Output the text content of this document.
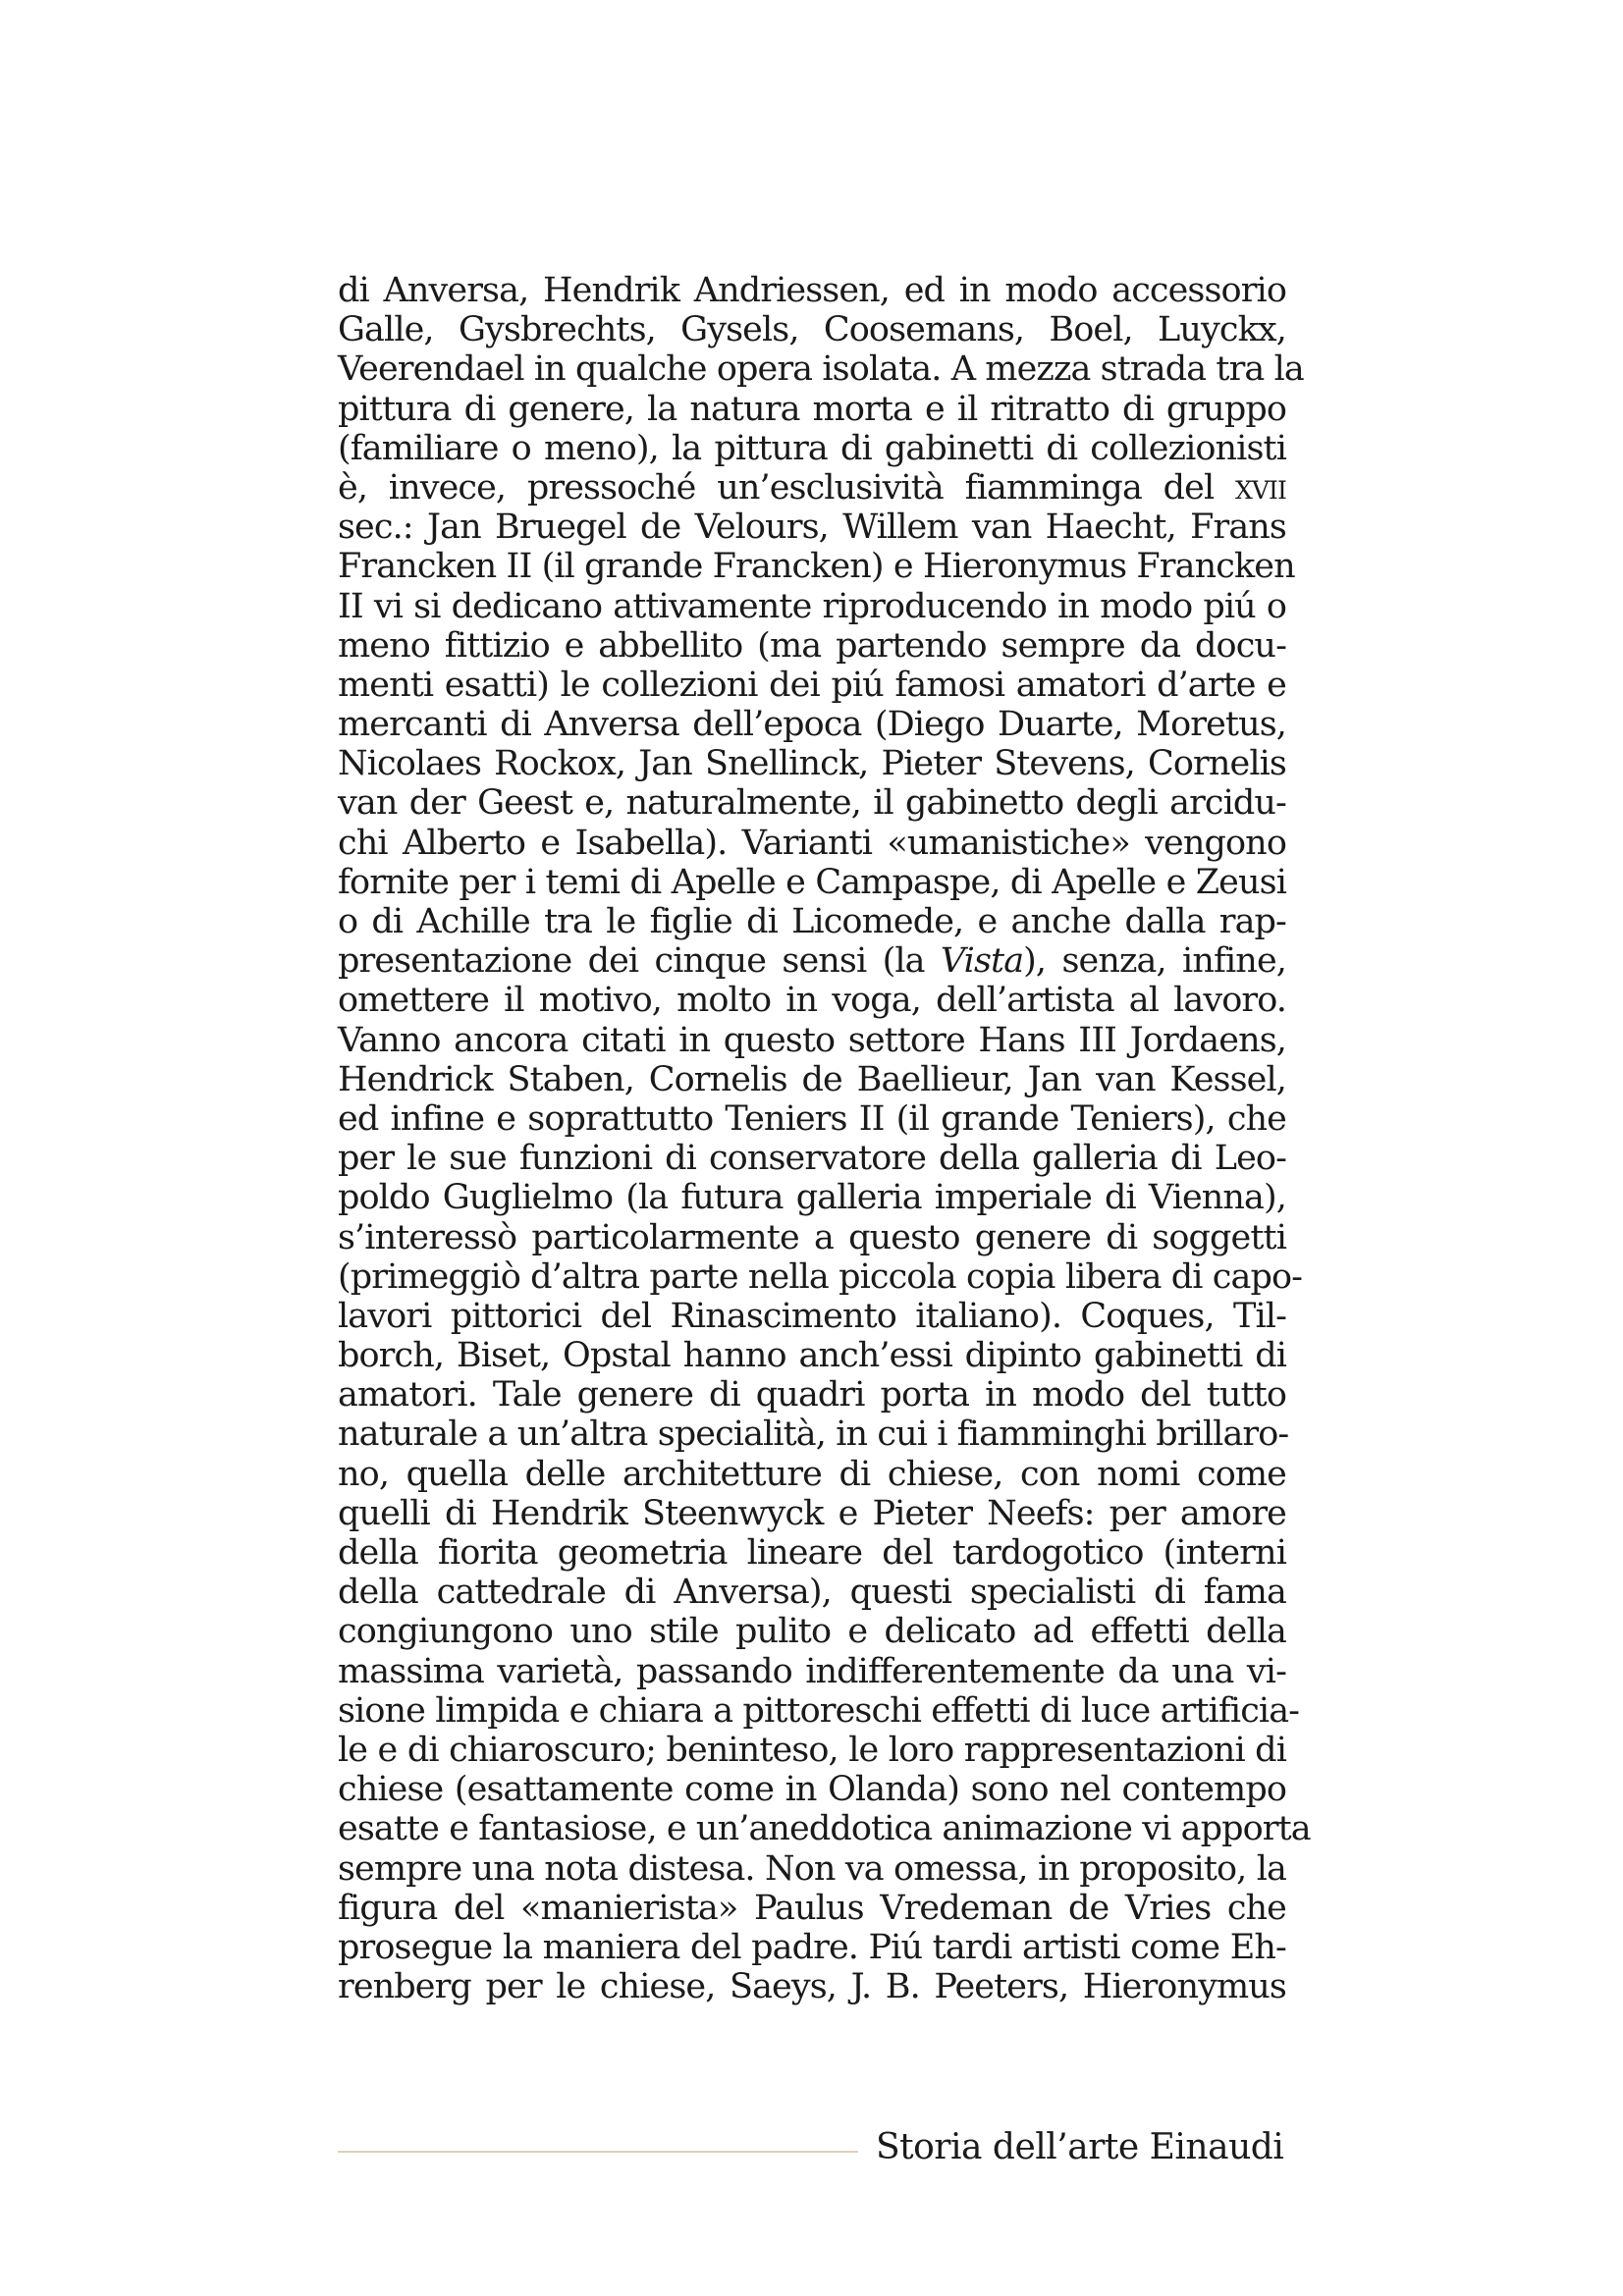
di Anversa, Hendrik Andriessen, ed in modo accessorio
Galle, Gysbrechts, Gysels, Coosemans, Boel, Luyckx,
Veerendael in qualche opera isolata. A mezza strada tra la
pittura di genere, la natura morta e il ritratto di gruppo
(familiare o meno), la pittura di gabinetti di collezionisti
è, invece, pressoché un’esclusività fiamminga del xvii
sec.: Jan Bruegel de Velours, Willem van Haecht, Frans
Francken II (il grande Francken) e Hieronymus Francken
II vi si dedicano attivamente riproducendo in modo piú o
meno fittizio e abbellito (ma partendo sempre da docu-
menti esatti) le collezioni dei piú famosi amatori d’arte e
mercanti di Anversa dell’epoca (Diego Duarte, Moretus,
Nicolaes Rockox, Jan Snellinck, Pieter Stevens, Cornelis
van der Geest e, naturalmente, il gabinetto degli arcidu-
chi Alberto e Isabella). Varianti «umanistiche» vengono
fornite per i temi di Apelle e Campaspe, di Apelle e Zeusi
o di Achille tra le figlie di Licomede, e anche dalla rap-
presentazione dei cinque sensi (la Vista), senza, infine,
omettere il motivo, molto in voga, dell’artista al lavoro.
Vanno ancora citati in questo settore Hans III Jordaens,
Hendrick Staben, Cornelis de Baellieur, Jan van Kessel,
ed infine e soprattutto Teniers II (il grande Teniers), che
per le sue funzioni di conservatore della galleria di Leo-
poldo Guglielmo (la futura galleria imperiale di Vienna),
s’interessò particolarmente a questo genere di soggetti
(primeggiò d’altra parte nella piccola copia libera di capo-
lavori pittorici del Rinascimento italiano). Coques, Til-
borch, Biset, Opstal hanno anch’essi dipinto gabinetti di
amatori. Tale genere di quadri porta in modo del tutto
naturale a un’altra specialità, in cui i fiamminghi brillaro-
no, quella delle architetture di chiese, con nomi come
quelli di Hendrik Steenwyck e Pieter Neefs: per amore
della fiorita geometria lineare del tardogotico (interni
della cattedrale di Anversa), questi specialisti di fama
congiungono uno stile pulito e delicato ad effetti della
massima varietà, passando indifferentemente da una vi-
sione limpida e chiara a pittoreschi effetti di luce artificia-
le e di chiaroscuro; beninteso, le loro rappresentazioni di
chiese (esattamente come in Olanda) sono nel contempo
esatte e fantasiose, e un’aneddotica animazione vi apporta
sempre una nota distesa. Non va omessa, in proposito, la
figura del «manierista» Paulus Vredeman de Vries che
prosegue la maniera del padre. Piú tardi artisti come Eh-
renberg per le chiese, Saeys, J. B. Peeters, Hieronymus
Storia dell’arte Einaudi
